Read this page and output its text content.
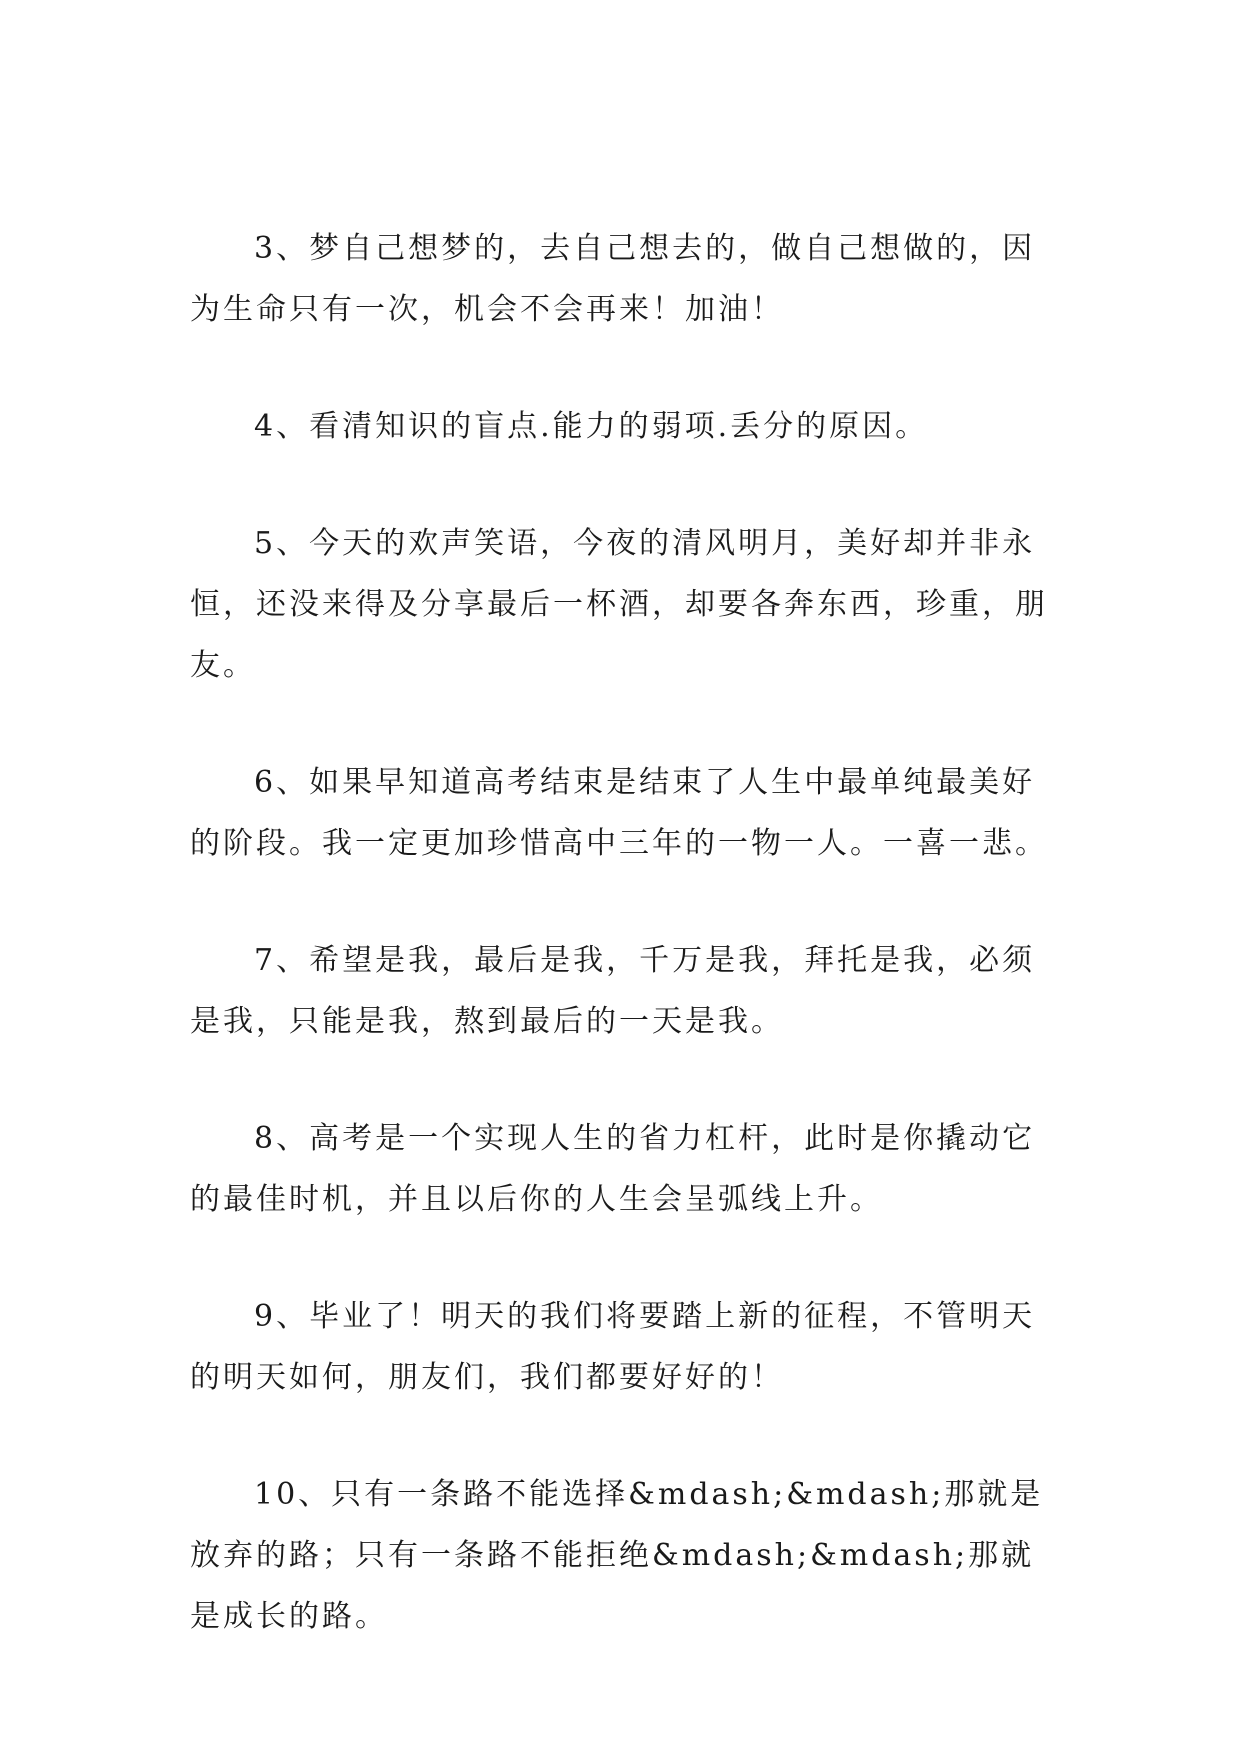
3、梦自己想梦的，去自己想去的，做自己想做的，因为生命只有一次，机会不会再来！加油！

4、看清知识的盲点.能力的弱项.丢分的原因。

5、今天的欢声笑语，今夜的清风明月，美好却并非永恒，还没来得及分享最后一杯酒，却要各奔东西，珍重，朋友。

6、如果早知道高考结束是结束了人生中最单纯最美好的阶段。我一定更加珍惜高中三年的一物一人。一喜一悲。

7、希望是我，最后是我，千万是我，拜托是我，必须是我，只能是我，熬到最后的一天是我。

8、高考是一个实现人生的省力杠杆，此时是你撬动它的最佳时机，并且以后你的人生会呈弧线上升。

9、毕业了！明天的我们将要踏上新的征程，不管明天的明天如何，朋友们，我们都要好好的！

10、只有一条路不能选择&mdash;&mdash;那就是放弃的路；只有一条路不能拒绝&mdash;&mdash;那就是成长的路。
